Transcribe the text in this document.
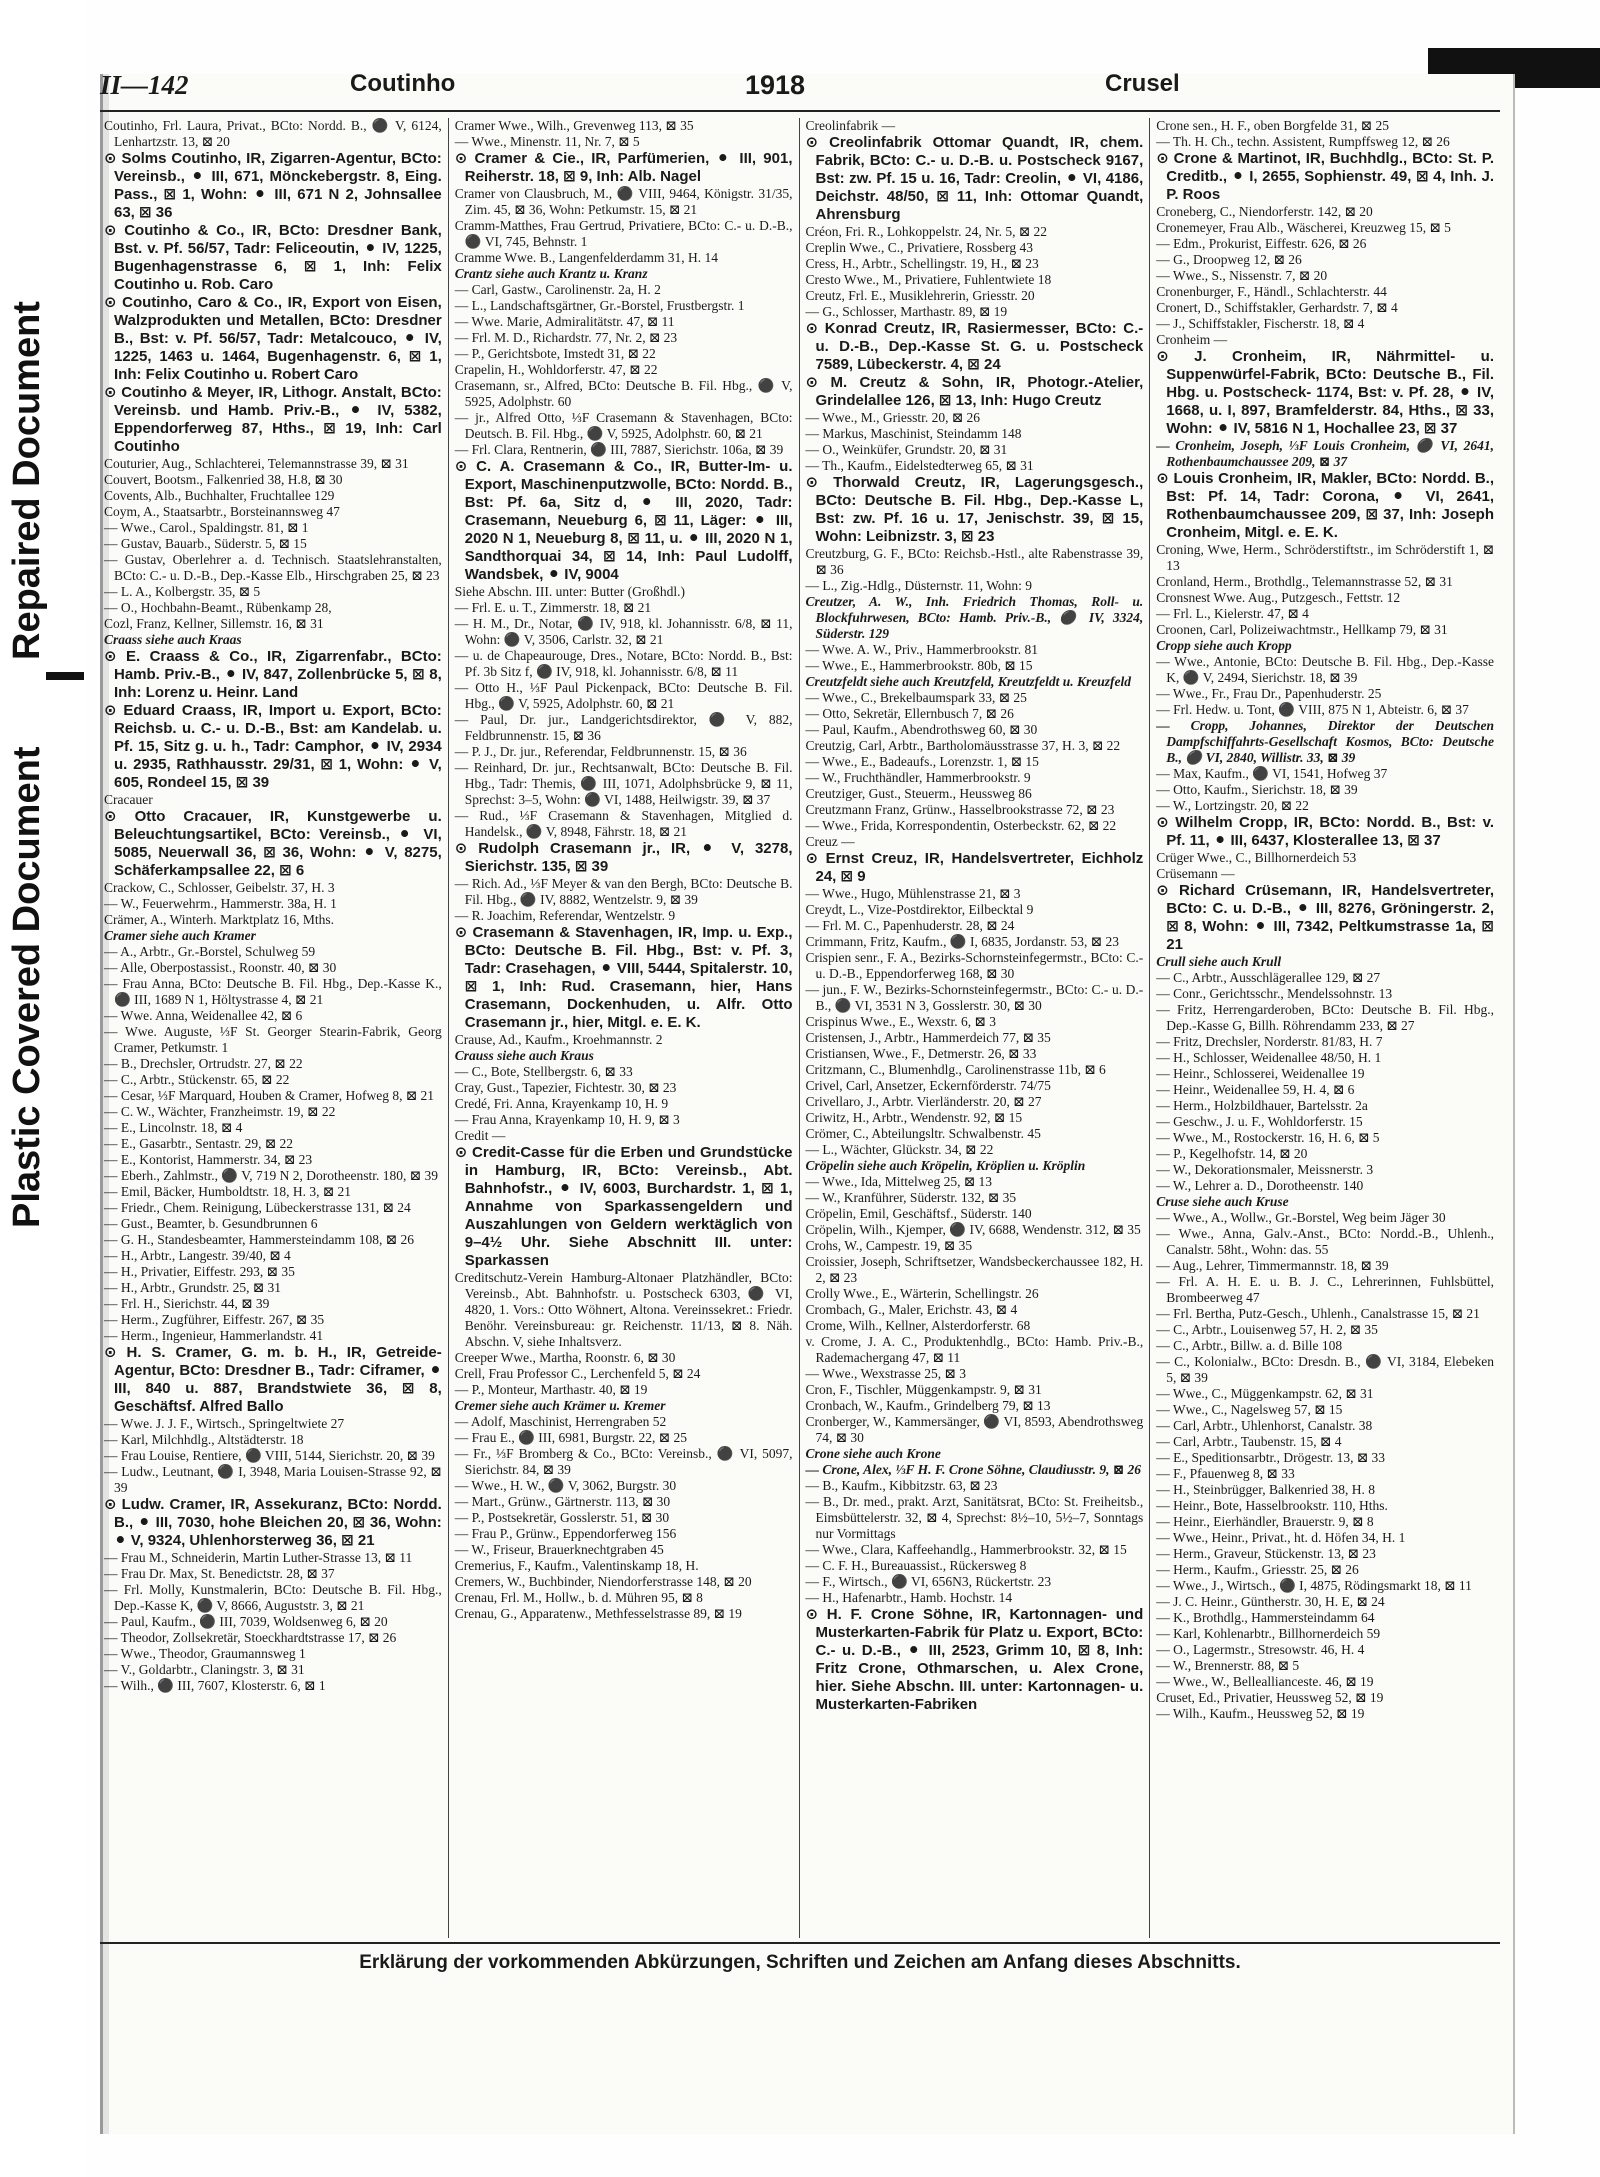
Repaired Document
Plastic Covered Document
II—142	Coutinho	1918	Crusel

Coutinho, Frl. Laura, Privat., BCto: Nordd. B., ⚫ V, 6124, Lenhartzstr. 13, ⊠ 20

⊙ Solms Coutinho, IR, Zigarren-Agentur, BCto: Vereinsb., ⚫ III, 671, Mönckebergstr. 8, Eing. Pass., ⊠ 1, Wohn: ⚫ III, 671 N 2, Johnsallee 63, ⊠ 36

⊙ Coutinho & Co., IR, BCto: Dresdner Bank, Bst. v. Pf. 56/57, Tadr: Feliceoutin, ⚫ IV, 1225, Bugenhagenstrasse 6, ⊠ 1, Inh: Felix Coutinho u. Rob. Caro

⊙ Coutinho, Caro & Co., IR, Export von Eisen, Walzprodukten und Metallen, BCto: Dresdner B., Bst: v. Pf. 56/57, Tadr: Metalcouco, ⚫ IV, 1225, 1463 u. 1464, Bugenhagenstr. 6, ⊠ 1, Inh: Felix Coutinho u. Robert Caro

⊙ Coutinho & Meyer, IR, Lithogr. Anstalt, BCto: Vereinsb. und Hamb. Priv.-B., ⚫ IV, 5382, Eppendorferweg 87, Hths., ⊠ 19, Inh: Carl Coutinho

Couturier, Aug., Schlachterei, Telemannstrasse 39, ⊠ 31

Couvert, Bootsm., Falkenried 38, H.8, ⊠ 30

Covents, Alb., Buchhalter, Fruchtallee 129

Coym, A., Staatsarbtr., Borsteinannsweg 47

— Wwe., Carol., Spaldingstr. 81, ⊠ 1

— Gustav, Bauarb., Süderstr. 5, ⊠ 15

— Gustav, Oberlehrer a. d. Technisch. Staatslehranstalten, BCto: C.- u. D.-B., Dep.-Kasse Elb., Hirschgraben 25, ⊠ 23

— L. A., Kolbergstr. 35, ⊠ 5

— O., Hochbahn-Beamt., Rübenkamp 28,

Cozl, Franz, Kellner, Sillemstr. 16, ⊠ 31

Craass siehe auch Kraas

⊙ E. Craass & Co., IR, Zigarrenfabr., BCto: Hamb. Priv.-B., ⚫ IV, 847, Zollenbrücke 5, ⊠ 8, Inh: Lorenz u. Heinr. Land

⊙ Eduard Craass, IR, Import u. Export, BCto: Reichsb. u. C.- u. D.-B., Bst: am Kandelab. u. Pf. 15, Sitz g. u. h., Tadr: Camphor, ⚫ IV, 2934 u. 2935, Rathhausstr. 29/31, ⊠ 1, Wohn: ⚫ V, 605, Rondeel 15, ⊠ 39

Cracauer

⊙ Otto Cracauer, IR, Kunstgewerbe u. Beleuchtungsartikel, BCto: Vereinsb., ⚫ VI, 5085, Neuerwall 36, ⊠ 36, Wohn: ⚫ V, 8275, Schäferkampsallee 22, ⊠ 6

Crackow, C., Schlosser, Geibelstr. 37, H. 3

— W., Feuerwehrm., Hammerstr. 38a, H. 1

Crämer, A., Winterh. Marktplatz 16, Mths.

Cramer siehe auch Kramer

— A., Arbtr., Gr.-Borstel, Schulweg 59

— Alle, Oberpostassist., Roonstr. 40, ⊠ 30

— Frau Anna, BCto: Deutsche B. Fil. Hbg., Dep.-Kasse K., ⚫ III, 1689 N 1, Höltystrasse 4, ⊠ 21

— Wwe. Anna, Weidenallee 42, ⊠ 6

— Wwe. Auguste, ⅓F St. Georger Stearin-Fabrik, Georg Cramer, Petkumstr. 1

— B., Drechsler, Ortrudstr. 27, ⊠ 22

— C., Arbtr., Stückenstr. 65, ⊠ 22

— Cesar, ⅓F Marquard, Houben & Cramer, Hofweg 8, ⊠ 21

— C. W., Wächter, Franzheimstr. 19, ⊠ 22

— E., Lincolnstr. 18, ⊠ 4

— E., Gasarbtr., Sentastr. 29, ⊠ 22

— E., Kontorist, Hammerstr. 34, ⊠ 23

— Eberh., Zahlmstr., ⚫ V, 719 N 2, Dorotheenstr. 180, ⊠ 39

— Emil, Bäcker, Humboldtstr. 18, H. 3, ⊠ 21

— Friedr., Chem. Reinigung, Lübeckerstrasse 131, ⊠ 24

— Gust., Beamter, b. Gesundbrunnen 6

— G. H., Standesbeamter, Hammersteindamm 108, ⊠ 26

— H., Arbtr., Langestr. 39/40, ⊠ 4

— H., Privatier, Eiffestr. 293, ⊠ 35

— H., Arbtr., Grundstr. 25, ⊠ 31

— Frl. H., Sierichstr. 44, ⊠ 39

— Herm., Zugführer, Eiffestr. 267, ⊠ 35

— Herm., Ingenieur, Hammerlandstr. 41

⊙ H. S. Cramer, G. m. b. H., IR, Getreide-Agentur, BCto: Dresdner B., Tadr: Ciframer, ⚫ III, 840 u. 887, Brandstwiete 36, ⊠ 8, Geschäftsf. Alfred Ballo

— Wwe. J. J. F., Wirtsch., Springeltwiete 27

— Karl, Milchhdlg., Altstädterstr. 18

— Frau Louise, Rentiere, ⚫ VIII, 5144, Sierichstr. 20, ⊠ 39

— Ludw., Leutnant, ⚫ I, 3948, Maria Louisen-Strasse 92, ⊠ 39

⊙ Ludw. Cramer, IR, Assekuranz, BCto: Nordd. B., ⚫ III, 7030, hohe Bleichen 20, ⊠ 36, Wohn: ⚫ V, 9324, Uhlenhorsterweg 36, ⊠ 21

— Frau M., Schneiderin, Martin Luther-Strasse 13, ⊠ 11

— Frau Dr. Max, St. Benedictstr. 28, ⊠ 37

— Frl. Molly, Kunstmalerin, BCto: Deutsche B. Fil. Hbg., Dep.-Kasse K, ⚫ V, 8666, Auguststr. 3, ⊠ 21

— Paul, Kaufm., ⚫ III, 7039, Woldsenweg 6, ⊠ 20

— Theodor, Zollsekretär, Stoeckhardtstrasse 17, ⊠ 26

— Wwe., Theodor, Graumannsweg 1

— V., Goldarbtr., Claningstr. 3, ⊠ 31

— Wilh., ⚫ III, 7607, Klosterstr. 6, ⊠ 1

Cramer Wwe., Wilh., Grevenweg 113, ⊠ 35

— Wwe., Minenstr. 11, Nr. 7, ⊠ 5

⊙ Cramer & Cie., IR, Parfümerien, ⚫ III, 901, Reiherstr. 18, ⊠ 9, Inh: Alb. Nagel

Cramer von Clausbruch, M., ⚫ VIII, 9464, Königstr. 31/35, Zim. 45, ⊠ 36, Wohn: Petkumstr. 15, ⊠ 21

Cramm-Matthes, Frau Gertrud, Privatiere, BCto: C.- u. D.-B., ⚫ VI, 745, Behnstr. 1

Cramme Wwe. B., Langenfelderdamm 31, H. 14

Crantz siehe auch Krantz u. Kranz

— Carl, Gastw., Carolinenstr. 2a, H. 2

— L., Landschaftsgärtner, Gr.-Borstel, Frustbergstr. 1

— Wwe. Marie, Admiralitätstr. 47, ⊠ 11

— Frl. M. D., Richardstr. 77, Nr. 2, ⊠ 23

— P., Gerichtsbote, Imstedt 31, ⊠ 22

Crapelin, H., Wohldorferstr. 47, ⊠ 22

Crasemann, sr., Alfred, BCto: Deutsche B. Fil. Hbg., ⚫ V, 5925, Adolphstr. 60

— jr., Alfred Otto, ⅓F Crasemann & Stavenhagen, BCto: Deutsch. B. Fil. Hbg., ⚫ V, 5925, Adolphstr. 60, ⊠ 21

— Frl. Clara, Rentnerin, ⚫ III, 7887, Sierichstr. 106a, ⊠ 39

⊙ C. A. Crasemann & Co., IR, Butter-Im- u. Export, Maschinenputzwolle, BCto: Nordd. B., Bst: Pf. 6a, Sitz d, ⚫ III, 2020, Tadr: Crasemann, Neueburg 6, ⊠ 11, Läger: ⚫ III, 2020 N 1, Neueburg 8, ⊠ 11, u. ⚫ III, 2020 N 1, Sandthorquai 34, ⊠ 14, Inh: Paul Ludolff, Wandsbek, ⚫ IV, 9004

Siehe Abschn. III. unter: Butter (Großhdl.)

— Frl. E. u. T., Zimmerstr. 18, ⊠ 21

— H. M., Dr., Notar, ⚫ IV, 918, kl. Johannisstr. 6/8, ⊠ 11, Wohn: ⚫ V, 3506, Carlstr. 32, ⊠ 21

— u. de Chapeaurouge, Dres., Notare, BCto: Nordd. B., Bst: Pf. 3b Sitz f, ⚫ IV, 918, kl. Johannisstr. 6/8, ⊠ 11

— Otto H., ⅓F Paul Pickenpack, BCto: Deutsche B. Fil. Hbg., ⚫ V, 5925, Adolphstr. 60, ⊠ 21

— Paul, Dr. jur., Landgerichtsdirektor, ⚫ V, 882, Feldbrunnenstr. 15, ⊠ 36

— P. J., Dr. jur., Referendar, Feldbrunnenstr. 15, ⊠ 36

— Reinhard, Dr. jur., Rechtsanwalt, BCto: Deutsche B. Fil. Hbg., Tadr: Themis, ⚫ III, 1071, Adolphsbrücke 9, ⊠ 11, Sprechst: 3–5, Wohn: ⚫ VI, 1488, Heilwigstr. 39, ⊠ 37

— Rud., ⅓F Crasemann & Stavenhagen, Mitglied d. Handelsk., ⚫ V, 8948, Fährstr. 18, ⊠ 21

⊙ Rudolph Crasemann jr., IR, ⚫ V, 3278, Sierichstr. 135, ⊠ 39

— Rich. Ad., ⅓F Meyer & van den Bergh, BCto: Deutsche B. Fil. Hbg., ⚫ IV, 8882, Wentzelstr. 9, ⊠ 39

— R. Joachim, Referendar, Wentzelstr. 9

⊙ Crasemann & Stavenhagen, IR, Imp. u. Exp., BCto: Deutsche B. Fil. Hbg., Bst: v. Pf. 3, Tadr: Crasehagen, ⚫ VIII, 5444, Spitalerstr. 10, ⊠ 1, Inh: Rud. Crasemann, hier, Hans Crasemann, Dockenhuden, u. Alfr. Otto Crasemann jr., hier, Mitgl. e. E. K.

Crause, Ad., Kaufm., Kroehmannstr. 2

Crauss siehe auch Kraus

— C., Bote, Stellbergstr. 6, ⊠ 33

Cray, Gust., Tapezier, Fichtestr. 30, ⊠ 23

Credé, Fri. Anna, Krayenkamp 10, H. 9

— Frau Anna, Krayenkamp 10, H. 9, ⊠ 3

Credit —

⊙ Credit-Casse für die Erben und Grundstücke in Hamburg, IR, BCto: Vereinsb., Abt. Bahnhofstr., ⚫ IV, 6003, Burchardstr. 1, ⊠ 1, Annahme von Sparkassengeldern und Auszahlungen von Geldern werktäglich von 9–4½ Uhr. Siehe Abschnitt III. unter: Sparkassen

Creditschutz-Verein Hamburg-Altonaer Platzhändler, BCto: Vereinsb., Abt. Bahnhofstr. u. Postscheck 6303, ⚫ VI, 4820, 1. Vors.: Otto Wöhnert, Altona. Vereinssekret.: Friedr. Benöhr. Vereinsbureau: gr. Reichenstr. 11/13, ⊠ 8. Näh. Abschn. V, siehe Inhaltsverz.

Creeper Wwe., Martha, Roonstr. 6, ⊠ 30

Crell, Frau Professor C., Lerchenfeld 5, ⊠ 24

— P., Monteur, Marthastr. 40, ⊠ 19

Cremer siehe auch Krämer u. Kremer

— Adolf, Maschinist, Herrengraben 52

— Frau E., ⚫ III, 6981, Burgstr. 22, ⊠ 25

— Fr., ⅓F Bromberg & Co., BCto: Vereinsb., ⚫ VI, 5097, Sierichstr. 84, ⊠ 39

— Wwe., H. W., ⚫ V, 3062, Burgstr. 30

— Mart., Grünw., Gärtnerstr. 113, ⊠ 30

— P., Postsekretär, Gosslerstr. 51, ⊠ 30

— Frau P., Grünw., Eppendorferweg 156

— W., Friseur, Brauerknechtgraben 45

Cremerius, F., Kaufm., Valentinskamp 18, H.

Cremers, W., Buchbinder, Niendorferstrasse 148, ⊠ 20

Crenau, Frl. M., Hollw., b. d. Mühren 95, ⊠ 8

Crenau, G., Apparatenw., Methfesselstrasse 89, ⊠ 19

Creolinfabrik —

⊙ Creolinfabrik Ottomar Quandt, IR, chem. Fabrik, BCto: C.- u. D.-B. u. Postscheck 9167, Bst: zw. Pf. 15 u. 16, Tadr: Creolin, ⚫ VI, 4186, Deichstr. 48/50, ⊠ 11, Inh: Ottomar Quandt, Ahrensburg

Créon, Fri. R., Lohkoppelstr. 24, Nr. 5, ⊠ 22

Creplin Wwe., C., Privatiere, Rossberg 43

Cress, H., Arbtr., Schellingstr. 19, H., ⊠ 23

Cresto Wwe., M., Privatiere, Fuhlentwiete 18

Creutz, Frl. E., Musiklehrerin, Griesstr. 20

— G., Schlosser, Marthastr. 89, ⊠ 19

⊙ Konrad Creutz, IR, Rasiermesser, BCto: C.- u. D.-B., Dep.-Kasse St. G. u. Postscheck 7589, Lübeckerstr. 4, ⊠ 24

⊙ M. Creutz & Sohn, IR, Photogr.-Atelier, Grindelallee 126, ⊠ 13, Inh: Hugo Creutz

— Wwe., M., Griesstr. 20, ⊠ 26

— Markus, Maschinist, Steindamm 148

— O., Weinküfer, Grundstr. 20, ⊠ 31

— Th., Kaufm., Eidelstedterweg 65, ⊠ 31

⊙ Thorwald Creutz, IR, Lagerungsgesch., BCto: Deutsche B. Fil. Hbg., Dep.-Kasse L, Bst: zw. Pf. 16 u. 17, Jenischstr. 39, ⊠ 15, Wohn: Leibnizstr. 3, ⊠ 23

Creutzburg, G. F., BCto: Reichsb.-Hstl., alte Rabenstrasse 39, ⊠ 36

— L., Zig.-Hdlg., Düsternstr. 11, Wohn: 9

Creutzer, A. W., Inh. Friedrich Thomas, Roll- u. Blockfuhrwesen, BCto: Hamb. Priv.-B., ⚫ IV, 3324, Süderstr. 129

— Wwe. A. W., Priv., Hammerbrookstr. 81

— Wwe., E., Hammerbrookstr. 80b, ⊠ 15

Creutzfeldt siehe auch Kreutzfeld, Kreutzfeldt u. Kreuzfeld

— Wwe., C., Brekelbaumspark 33, ⊠ 25

— Otto, Sekretär, Ellernbusch 7, ⊠ 26

— Paul, Kaufm., Abendrothsweg 60, ⊠ 30

Creutzig, Carl, Arbtr., Bartholomäusstrasse 37, H. 3, ⊠ 22

— Wwe., E., Badeaufs., Lorenzstr. 1, ⊠ 15

— W., Fruchthändler, Hammerbrookstr. 9

Creutziger, Gust., Steuerm., Heussweg 86

Creutzmann Franz, Grünw., Hasselbrookstrasse 72, ⊠ 23

— Wwe., Frida, Korrespondentin, Osterbeckstr. 62, ⊠ 22

Creuz —

⊙ Ernst Creuz, IR, Handelsvertreter, Eichholz 24, ⊠ 9

— Wwe., Hugo, Mühlenstrasse 21, ⊠ 3

Creydt, L., Vize-Postdirektor, Eilbecktal 9

— Frl. M. C., Papenhuderstr. 28, ⊠ 24

Crimmann, Fritz, Kaufm., ⚫ I, 6835, Jordanstr. 53, ⊠ 23

Crispien senr., F. A., Bezirks-Schornsteinfegermstr., BCto: C.- u. D.-B., Eppendorferweg 168, ⊠ 30

— jun., F. W., Bezirks-Schornsteinfegermstr., BCto: C.- u. D.-B., ⚫ VI, 3531 N 3, Gosslerstr. 30, ⊠ 30

Crispinus Wwe., E., Wexstr. 6, ⊠ 3

Cristensen, J., Arbtr., Hammerdeich 77, ⊠ 35

Cristiansen, Wwe., F., Detmerstr. 26, ⊠ 33

Critzmann, C., Blumenhdlg., Carolinenstrasse 11b, ⊠ 6

Crivel, Carl, Ansetzer, Eckernförderstr. 74/75

Crivellaro, J., Arbtr. Vierländerstr. 20, ⊠ 27

Criwitz, H., Arbtr., Wendenstr. 92, ⊠ 15

Crömer, C., Abteilungsltr. Schwalbenstr. 45

— L., Wächter, Glückstr. 34, ⊠ 22

Cröpelin siehe auch Kröpelin, Kröplien u. Kröplin

— Wwe., Ida, Mittelweg 25, ⊠ 13

— W., Kranführer, Süderstr. 132, ⊠ 35

Cröpelin, Emil, Geschäftsf., Süderstr. 140

Cröpelin, Wilh., Kjemper, ⚫ IV, 6688, Wendenstr. 312, ⊠ 35

Crohs, W., Campestr. 19, ⊠ 35

Croissier, Joseph, Schriftsetzer, Wandsbeckerchaussee 182, H. 2, ⊠ 23

Crolly Wwe., E., Wärterin, Schellingstr. 26

Crombach, G., Maler, Erichstr. 43, ⊠ 4

Crome, Wilh., Kellner, Alsterdorferstr. 68

v. Crome, J. A. C., Produktenhdlg., BCto: Hamb. Priv.-B., Rademachergang 47, ⊠ 11

— Wwe., Wexstrasse 25, ⊠ 3

Cron, F., Tischler, Müggenkampstr. 9, ⊠ 31

Cronbach, W., Kaufm., Grindelberg 79, ⊠ 13

Cronberger, W., Kammersänger, ⚫ VI, 8593, Abendrothsweg 74, ⊠ 30

Crone siehe auch Krone

— Crone, Alex, ⅓F H. F. Crone Söhne, Claudiusstr. 9, ⊠ 26

— B., Kaufm., Kibbitzstr. 63, ⊠ 23

— B., Dr. med., prakt. Arzt, Sanitätsrat, BCto: St. Freiheitsb., Eimsbüttelerstr. 32, ⊠ 4, Sprechst: 8½–10, 5½–7, Sonntags nur Vormittags

— Wwe., Clara, Kaffeehandlg., Hammerbrookstr. 32, ⊠ 15

— C. F. H., Bureauassist., Rückersweg 8

— F., Wirtsch., ⚫ VI, 656N3, Rückertstr. 23

— H., Hafenarbtr., Hamb. Hochstr. 14

⊙ H. F. Crone Söhne, IR, Kartonnagen- und Musterkarten-Fabrik für Platz u. Export, BCto: C.- u. D.-B., ⚫ III, 2523, Grimm 10, ⊠ 8, Inh: Fritz Crone, Othmarschen, u. Alex Crone, hier. Siehe Abschn. III. unter: Kartonnagen- u. Musterkarten-Fabriken

Crone sen., H. F., oben Borgfelde 31, ⊠ 25

— Th. H. Ch., techn. Assistent, Rumpffsweg 12, ⊠ 26

⊙ Crone & Martinot, IR, Buchhdlg., BCto: St. P. Creditb., ⚫ I, 2655, Sophienstr. 49, ⊠ 4, Inh. J. P. Roos

Croneberg, C., Niendorferstr. 142, ⊠ 20

Cronemeyer, Frau Alb., Wäscherei, Kreuzweg 15, ⊠ 5

— Edm., Prokurist, Eiffestr. 626, ⊠ 26

— G., Droopweg 12, ⊠ 26

— Wwe., S., Nissenstr. 7, ⊠ 20

Cronenburger, F., Händl., Schlachterstr. 44

Cronert, D., Schiffstakler, Gerhardstr. 7, ⊠ 4

— J., Schiffstakler, Fischerstr. 18, ⊠ 4

Cronheim —

⊙ J. Cronheim, IR, Nährmittel- u. Suppenwürfel-Fabrik, BCto: Deutsche B., Fil. Hbg. u. Postscheck- 1174, Bst: v. Pf. 28, ⚫ IV, 1668, u. I, 897, Bramfelderstr. 84, Hths., ⊠ 33, Wohn: ⚫ IV, 5816 N 1, Hochallee 23, ⊠ 37

— Cronheim, Joseph, ⅓F Louis Cronheim, ⚫ VI, 2641, Rothenbaumchaussee 209, ⊠ 37

⊙ Louis Cronheim, IR, Makler, BCto: Nordd. B., Bst: Pf. 14, Tadr: Corona, ⚫ VI, 2641, Rothenbaumchaussee 209, ⊠ 37, Inh: Joseph Cronheim, Mitgl. e. E. K.

Croning, Wwe, Herm., Schröderstiftstr., im Schröderstift 1, ⊠ 13

Cronland, Herm., Brothdlg., Telemannstrasse 52, ⊠ 31

Cronsnest Wwe. Aug., Putzgesch., Fettstr. 12

— Frl. L., Kielerstr. 47, ⊠ 4

Croonen, Carl, Polizeiwachtmstr., Hellkamp 79, ⊠ 31

Cropp siehe auch Kropp

— Wwe., Antonie, BCto: Deutsche B. Fil. Hbg., Dep.-Kasse K, ⚫ V, 2494, Sierichstr. 18, ⊠ 39

— Wwe., Fr., Frau Dr., Papenhuderstr. 25

— Frl. Hedw. u. Tont, ⚫ VIII, 875 N 1, Abteistr. 6, ⊠ 37

— Cropp, Johannes, Direktor der Deutschen Dampfschiffahrts-Gesellschaft Kosmos, BCto: Deutsche B., ⚫ VI, 2840, Willistr. 33, ⊠ 39

— Max, Kaufm., ⚫ VI, 1541, Hofweg 37

— Otto, Kaufm., Sierichstr. 18, ⊠ 39

— W., Lortzingstr. 20, ⊠ 22

⊙ Wilhelm Cropp, IR, BCto: Nordd. B., Bst: v. Pf. 11, ⚫ III, 6437, Klosterallee 13, ⊠ 37

Crüger Wwe., C., Billhornerdeich 53

Crüsemann —

⊙ Richard Crüsemann, IR, Handelsvertreter, BCto: C. u. D.-B., ⚫ III, 8276, Gröningerstr. 2, ⊠ 8, Wohn: ⚫ III, 7342, Peltkumstrasse 1a, ⊠ 21

Crull siehe auch Krull

— C., Arbtr., Ausschlägerallee 129, ⊠ 27

— Conr., Gerichtsschr., Mendelssohnstr. 13

— Fritz, Herrengarderoben, BCto: Deutsche B. Fil. Hbg., Dep.-Kasse G, Billh. Röhrendamm 233, ⊠ 27

— Fritz, Drechsler, Norderstr. 81/83, H. 7

— H., Schlosser, Weidenallee 48/50, H. 1

— Heinr., Schlosserei, Weidenallee 19

— Heinr., Weidenallee 59, H. 4, ⊠ 6

— Herm., Holzbildhauer, Bartelsstr. 2a

— Geschw., J. u. F., Wohldorferstr. 15

— Wwe., M., Rostockerstr. 16, H. 6, ⊠ 5

— P., Kegelhofstr. 14, ⊠ 20

— W., Dekorationsmaler, Meissnerstr. 3

— W., Lehrer a. D., Dorotheenstr. 140

Cruse siehe auch Kruse

— Wwe., A., Wollw., Gr.-Borstel, Weg beim Jäger 30

— Wwe., Anna, Galv.-Anst., BCto: Nordd.-B., Uhlenh., Canalstr. 58ht., Wohn: das. 55

— Aug., Lehrer, Timmermannstr. 18, ⊠ 39

— Frl. A. H. E. u. B. J. C., Lehrerinnen, Fuhlsbüttel, Brombeerweg 47

— Frl. Bertha, Putz-Gesch., Uhlenh., Canalstrasse 15, ⊠ 21

— C., Arbtr., Louisenweg 57, H. 2, ⊠ 35

— C., Arbtr., Billw. a. d. Bille 108

— C., Kolonialw., BCto: Dresdn. B., ⚫ VI, 3184, Elebeken 5, ⊠ 39

— Wwe., C., Müggenkampstr. 62, ⊠ 31

— Wwe., C., Nagelsweg 57, ⊠ 15

— Carl, Arbtr., Uhlenhorst, Canalstr. 38

— Carl, Arbtr., Taubenstr. 15, ⊠ 4

— E., Speditionsarbtr., Drögestr. 13, ⊠ 33

— F., Pfauenweg 8, ⊠ 33

— H., Steinbrügger, Balkenried 38, H. 8

— Heinr., Bote, Hasselbrookstr. 110, Hths.

— Heinr., Eierhändler, Brauerstr. 9, ⊠ 8

— Wwe., Heinr., Privat., ht. d. Höfen 34, H. 1

— Herm., Graveur, Stückenstr. 13, ⊠ 23

— Herm., Kaufm., Griesstr. 25, ⊠ 26

— Wwe., J., Wirtsch., ⚫ I, 4875, Rödingsmarkt 18, ⊠ 11

— J. C. Heinr., Güntherstr. 30, H. E, ⊠ 24

— K., Brothdlg., Hammersteindamm 64

— Karl, Kohlenarbtr., Billhornerdeich 59

— O., Lagermstr., Stresowstr. 46, H. 4

— W., Brennerstr. 88, ⊠ 5

— Wwe., W., Belleallianceste. 46, ⊠ 19

Cruset, Ed., Privatier, Heussweg 52, ⊠ 19

— Wilh., Kaufm., Heussweg 52, ⊠ 19

Erklärung der vorkommenden Abkürzungen, Schriften und Zeichen am Anfang dieses Abschnitts.
